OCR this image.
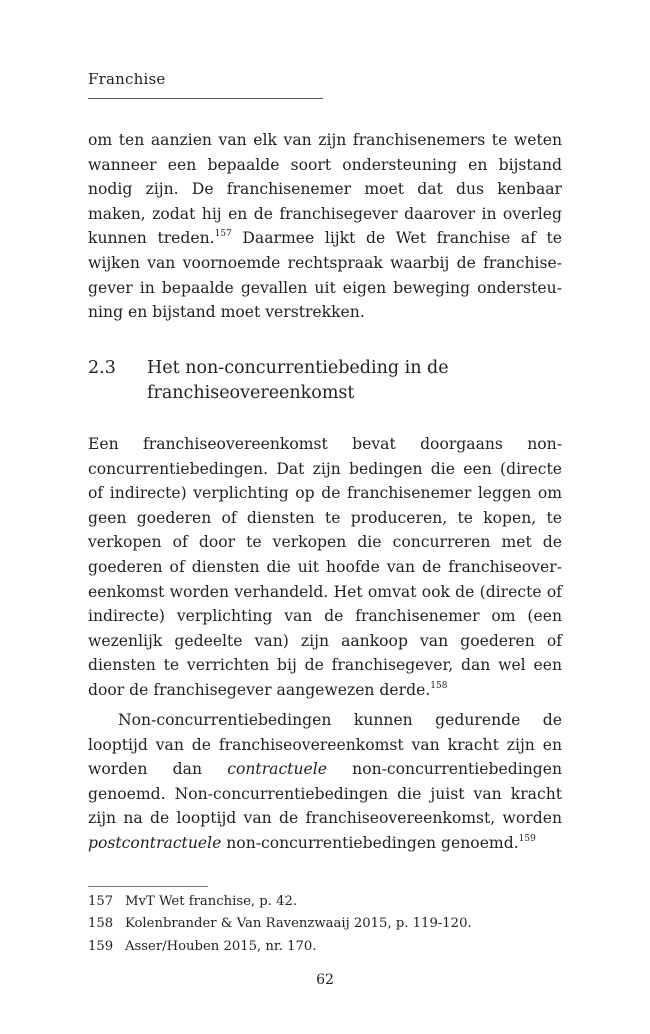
Franchise

om ten aanzien van elk van zijn franchisenemers te weten wanneer een bepaalde soort ondersteuning en bijstand nodig zijn. De franchisenemer moet dat dus kenbaar maken, zodat hij en de franchisegever daarover in overleg kunnen treden.$^{157}$ Daarmee lijkt de Wet franchise af te wijken van voornoemde rechtspraak waarbij de franchisegever in bepaalde gevallen uit eigen beweging ondersteuning en bijstand moet verstrekken.

2.3	Het non-concurrentiebeding in de franchiseovereenkomst

Een franchiseovereenkomst bevat doorgaans non-concurrentiebedingen. Dat zijn bedingen die een (directe of indirecte) verplichting op de franchisenemer leggen om geen goederen of diensten te produceren, te kopen, te verkopen of door te verkopen die concurreren met de goederen of diensten die uit hoofde van de franchiseovereenkomst worden verhandeld. Het omvat ook de (directe of indirecte) verplichting van de franchisenemer om (een wezenlijk gedeelte van) zijn aankoop van goederen of diensten te verrichten bij de franchisegever, dan wel een door de franchisegever aangewezen derde.$^{158}$

Non-concurrentiebedingen kunnen gedurende de looptijd van de franchiseovereenkomst van kracht zijn en worden dan contractuele non-concurrentiebedingen genoemd. Non-concurrentiebedingen die juist van kracht zijn na de looptijd van de franchiseovereenkomst, worden postcontractuele non-concurrentiebedingen genoemd.$^{159}$

157 MvT Wet franchise, p. 42.
158 Kolenbrander & Van Ravenzwaaij 2015, p. 119-120.
159 Asser/Houben 2015, nr. 170.
62
